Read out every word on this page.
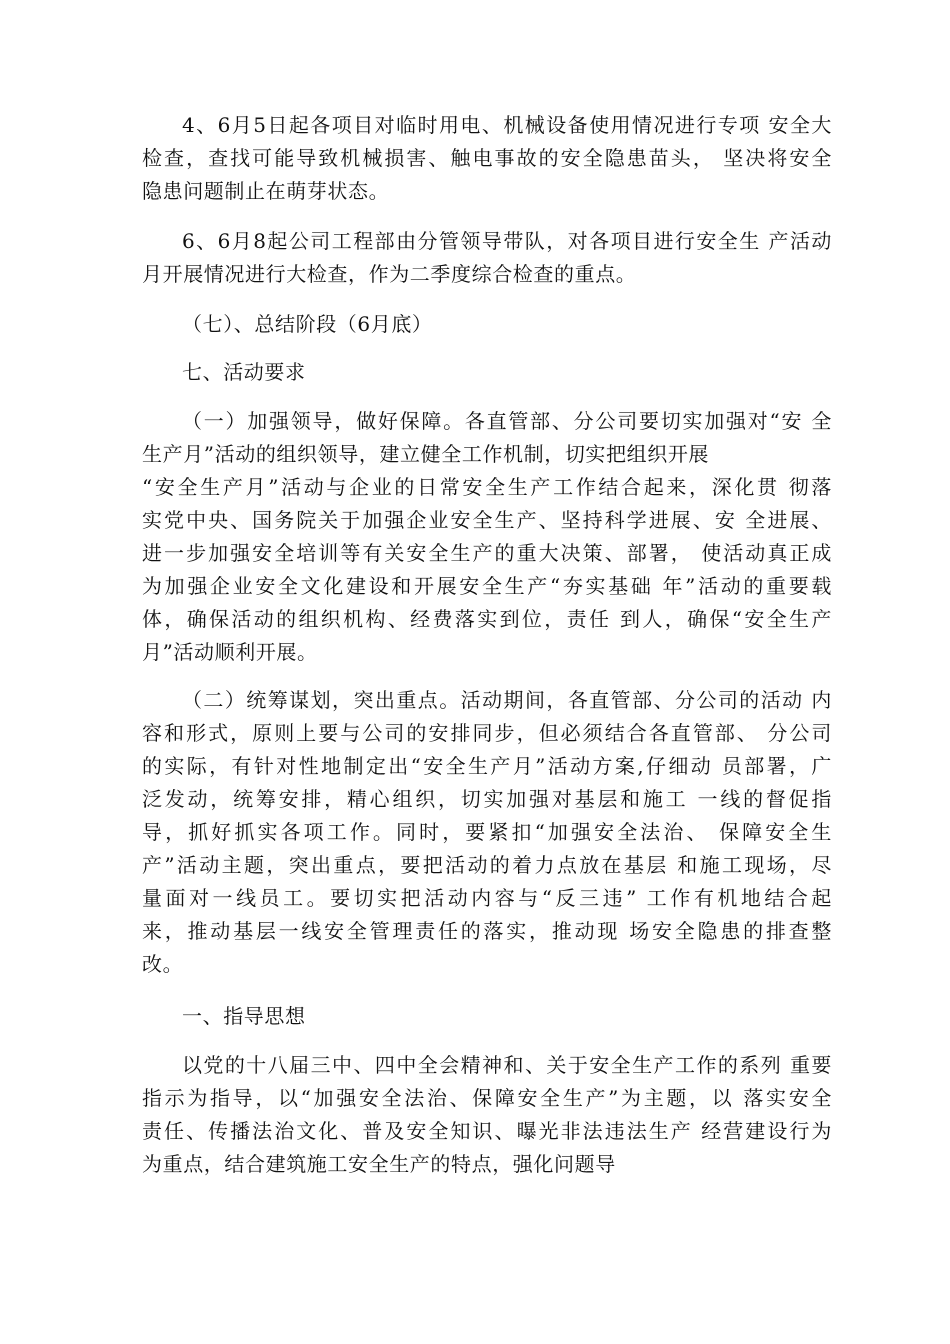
4、6月5日起各项目对临时用电、机械设备使用情况进行专项 安全大
检查，查找可能导致机械损害、触电事故的安全隐患苗头， 坚决将安全
隐患问题制止在萌芽状态。
6、6月8起公司工程部由分管领导带队，对各项目进行安全生 产活动
月开展情况进行大检查，作为二季度综合检查的重点。
（七）、总结阶段（6月底）
七、活动要求
（一）加强领导，做好保障。各直管部、分公司要切实加强对“安 全
生产月”活动的组织领导，建立健全工作机制，切实把组织开展
“安全生产月”活动与企业的日常安全生产工作结合起来，深化贯 彻落
实党中央、国务院关于加强企业安全生产、坚持科学进展、安 全进展、
进一步加强安全培训等有关安全生产的重大决策、部署， 使活动真正成
为加强企业安全文化建设和开展安全生产“夯实基础 年”活动的重要载
体，确保活动的组织机构、经费落实到位，责任 到人，确保“安全生产
月”活动顺利开展。
（二）统筹谋划，突出重点。活动期间，各直管部、分公司的活动 内
容和形式，原则上要与公司的安排同步，但必须结合各直管部、 分公司
的实际，有针对性地制定出“安全生产月”活动方案,仔细动 员部署，广
泛发动，统筹安排，精心组织，切实加强对基层和施工 一线的督促指
导，抓好抓实各项工作。同时，要紧扣“加强安全法治、 保障安全生
产”活动主题，突出重点，要把活动的着力点放在基层 和施工现场，尽
量面对一线员工。要切实把活动内容与“反三违” 工作有机地结合起
来，推动基层一线安全管理责任的落实，推动现 场安全隐患的排查整
改。
一、指导思想
以党的十八届三中、四中全会精神和、关于安全生产工作的系列 重要
指示为指导，以“加强安全法治、保障安全生产”为主题，以 落实安全
责任、传播法治文化、普及安全知识、曝光非法违法生产 经营建设行为
为重点，结合建筑施工安全生产的特点，强化问题导
